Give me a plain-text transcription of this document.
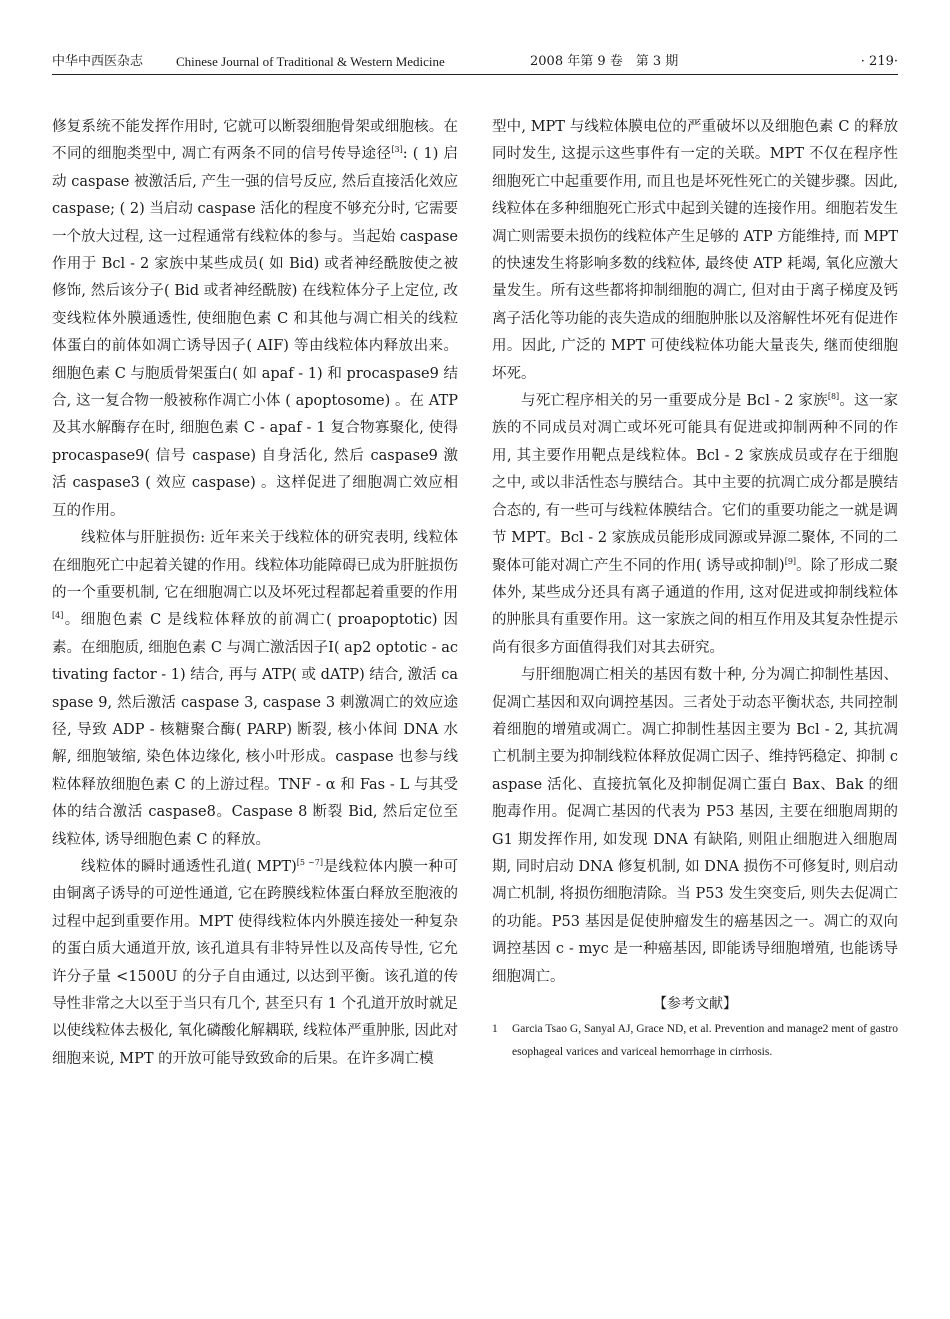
中华中西医杂志	Chinese Journal of Traditional & Western Medicine	2008 年第 9 卷　第 3 期	· 219·

修复系统不能发挥作用时, 它就可以断裂细胞骨架或细胞核。在不同的细胞类型中, 凋亡有两条不同的信号传导途径[3]: ( 1) 启动 caspase 被激活后, 产生一强的信号反应, 然后直接活化效应 caspase; ( 2) 当启动 caspase 活化的程度不够充分时, 它需要一个放大过程, 这一过程通常有线粒体的参与。当起始 caspase 作用于 Bcl - 2 家族中某些成员( 如 Bid) 或者神经酰胺使之被修饰, 然后该分子( Bid 或者神经酰胺) 在线粒体分子上定位, 改变线粒体外膜通透性, 使细胞色素 C 和其他与凋亡相关的线粒体蛋白的前体如凋亡诱导因子( AIF) 等由线粒体内释放出来。细胞色素 C 与胞质骨架蛋白( 如 apaf - 1) 和 procaspase9 结合, 这一复合物一般被称作凋亡小体 ( apoptosome) 。在 ATP 及其水解酶存在时, 细胞色素 C - apaf - 1 复合物寡聚化, 使得 procaspase9( 信号 caspase) 自身活化, 然后 caspase9 激活 caspase3 ( 效应 caspase) 。这样促进了细胞凋亡效应相互的作用。

线粒体与肝脏损伤: 近年来关于线粒体的研究表明, 线粒体在细胞死亡中起着关键的作用。线粒体功能障碍已成为肝脏损伤的一个重要机制, 它在细胞凋亡以及坏死过程都起着重要的作用[4]。细胞色素 C 是线粒体释放的前凋亡( proapoptotic) 因素。在细胞质, 细胞色素 C 与凋亡激活因子Ⅰ( ap2 optotic - activating factor - 1) 结合, 再与 ATP( 或 dATP) 结合, 激活 caspase 9, 然后激活 caspase 3, caspase 3 刺激凋亡的效应途径, 导致 ADP - 核糖聚合酶( PARP) 断裂, 核小体间 DNA 水解, 细胞皱缩, 染色体边缘化, 核小叶形成。caspase 也参与线粒体释放细胞色素 C 的上游过程。TNF - α 和 Fas - L 与其受体的结合激活 caspase8。Caspase 8 断裂 Bid, 然后定位至线粒体, 诱导细胞色素 C 的释放。

线粒体的瞬时通透性孔道( MPT)[5 ~7]是线粒体内膜一种可由铜离子诱导的可逆性通道, 它在跨膜线粒体蛋白释放至胞液的过程中起到重要作用。MPT 使得线粒体内外膜连接处一种复杂的蛋白质大通道开放, 该孔道具有非特异性以及高传导性, 它允许分子量 <1500U 的分子自由通过, 以达到平衡。该孔道的传导性非常之大以至于当只有几个, 甚至只有 1 个孔道开放时就足以使线粒体去极化, 氧化磷酸化解耦联, 线粒体严重肿胀, 因此对细胞来说, MPT 的开放可能导致致命的后果。在许多凋亡模

型中, MPT 与线粒体膜电位的严重破坏以及细胞色素 C 的释放同时发生, 这提示这些事件有一定的关联。MPT 不仅在程序性细胞死亡中起重要作用, 而且也是坏死性死亡的关键步骤。因此, 线粒体在多种细胞死亡形式中起到关键的连接作用。细胞若发生凋亡则需要未损伤的线粒体产生足够的 ATP 方能维持, 而 MPT 的快速发生将影响多数的线粒体, 最终使 ATP 耗竭, 氧化应激大量发生。所有这些都将抑制细胞的凋亡, 但对由于离子梯度及钙离子活化等功能的丧失造成的细胞肿胀以及溶解性坏死有促进作用。因此, 广泛的 MPT 可使线粒体功能大量丧失, 继而使细胞坏死。

与死亡程序相关的另一重要成分是 Bcl - 2 家族[8]。这一家族的不同成员对凋亡或坏死可能具有促进或抑制两种不同的作用, 其主要作用靶点是线粒体。Bcl - 2 家族成员或存在于细胞之中, 或以非活性态与膜结合。其中主要的抗凋亡成分都是膜结合态的, 有一些可与线粒体膜结合。它们的重要功能之一就是调节 MPT。Bcl - 2 家族成员能形成同源或异源二聚体, 不同的二聚体可能对凋亡产生不同的作用( 诱导或抑制)[9]。除了形成二聚体外, 某些成分还具有离子通道的作用, 这对促进或抑制线粒体的肿胀具有重要作用。这一家族之间的相互作用及其复杂性提示尚有很多方面值得我们对其去研究。

与肝细胞凋亡相关的基因有数十种, 分为凋亡抑制性基因、促凋亡基因和双向调控基因。三者处于动态平衡状态, 共同控制着细胞的增殖或凋亡。凋亡抑制性基因主要为 Bcl - 2, 其抗凋亡机制主要为抑制线粒体释放促凋亡因子、维持钙稳定、抑制 caspase 活化、直接抗氧化及抑制促凋亡蛋白 Bax、Bak 的细胞毒作用。促凋亡基因的代表为 P53 基因, 主要在细胞周期的 G1 期发挥作用, 如发现 DNA 有缺陷, 则阻止细胞进入细胞周期, 同时启动 DNA 修复机制, 如 DNA 损伤不可修复时, 则启动凋亡机制, 将损伤细胞清除。当 P53 发生突变后, 则失去促凋亡的功能。P53 基因是促使肿瘤发生的癌基因之一。凋亡的双向调控基因 c - myc 是一种癌基因, 即能诱导细胞增殖, 也能诱导细胞凋亡。

【参考文献】

1	Garcia Tsao G, Sanyal AJ, Grace ND, et al. Prevention and manage2 ment of gastroesophageal varices and variceal hemorrhage in cirrhosis.
